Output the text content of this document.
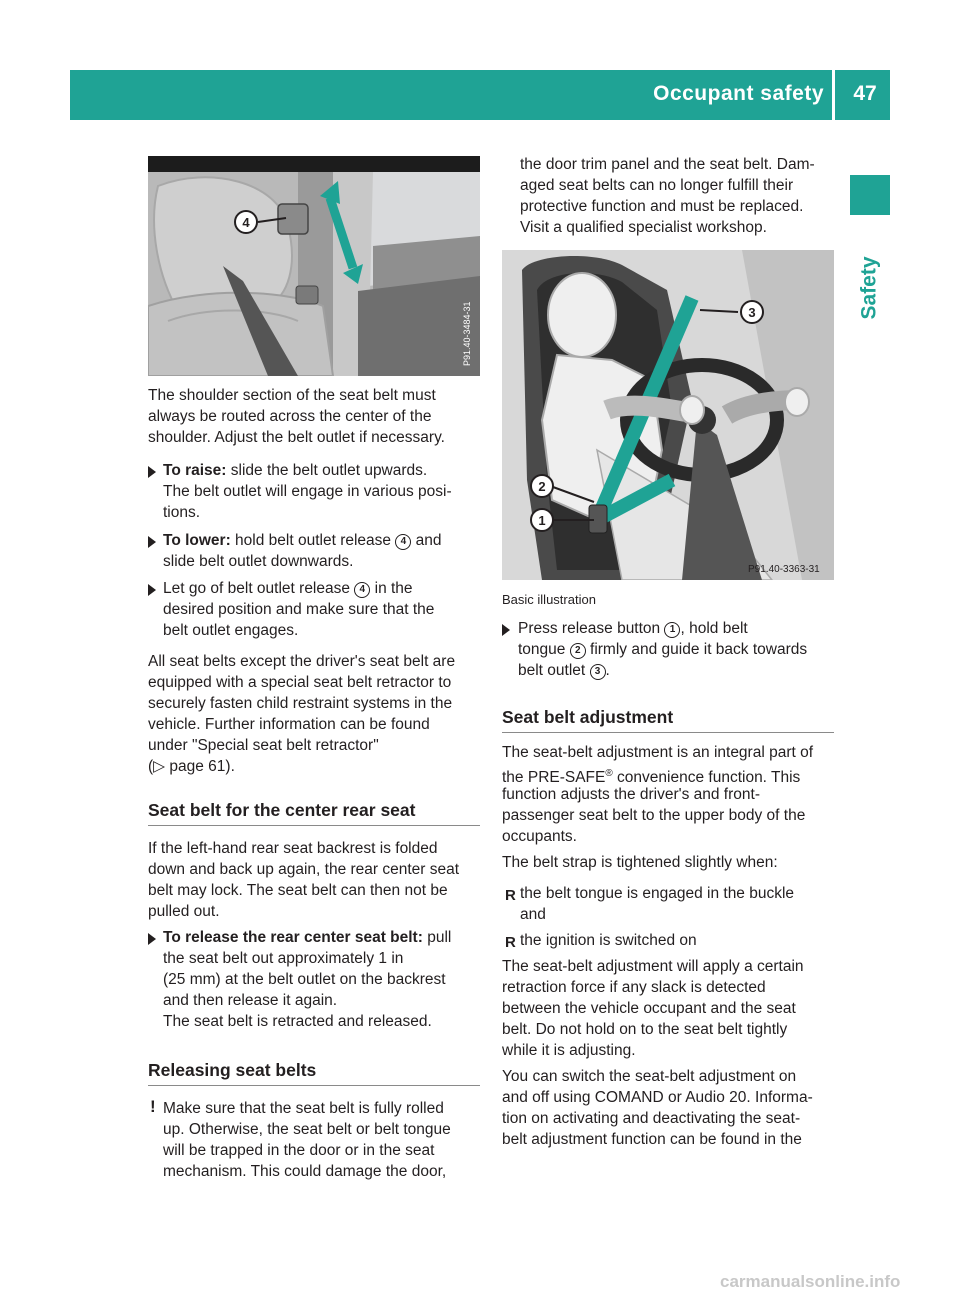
Occupant safety	47
Safety
4
P91.40-3484-31

The shoulder section of the seat belt must

always be routed across the center of the

shoulder. Adjust the belt outlet if necessary.

To raise: slide the belt outlet upwards.

The belt outlet will engage in various posi-

tions.

To lower: hold belt outlet release 4 and

slide belt outlet downwards.

Let go of belt outlet release 4 in the

desired position and make sure that the

belt outlet engages.

All seat belts except the driver's seat belt are

equipped with a special seat belt retractor to

securely fasten child restraint systems in the

vehicle. Further information can be found

under "Special seat belt retractor"

(▷ page 61).

Seat belt for the center rear seat

If the left-hand rear seat backrest is folded

down and back up again, the rear center seat

belt may lock. The seat belt can then not be

pulled out.

To release the rear center seat belt: pull

the seat belt out approximately 1 in

(25 mm) at the belt outlet on the backrest

and then release it again.

The seat belt is retracted and released.

Releasing seat belts
! Make sure that the seat belt is fully rolled

up. Otherwise, the seat belt or belt tongue

will be trapped in the door or in the seat

mechanism. This could damage the door,

the door trim panel and the seat belt. Dam-

aged seat belts can no longer fulfill their

protective function and must be replaced.

Visit a qualified specialist workshop.

3
2
1
P91.40-3363-31
Basic illustration

Press release button 1 , hold belt

tongue 2 firmly and guide it back towards

belt outlet 3 .

Seat belt adjustment

The seat-belt adjustment is an integral part of

the PRE-SAFE® convenience function. This

function adjusts the driver's and front-

passenger seat belt to the upper body of the

occupants.

The belt strap is tightened slightly when:

R the belt tongue is engaged in the buckle

and

R the ignition is switched on

The seat-belt adjustment will apply a certain

retraction force if any slack is detected

between the vehicle occupant and the seat

belt. Do not hold on to the seat belt tightly

while it is adjusting.

You can switch the seat-belt adjustment on

and off using COMAND or Audio 20. Informa-

tion on activating and deactivating the seat-

belt adjustment function can be found in the

carmanualsonline.info
